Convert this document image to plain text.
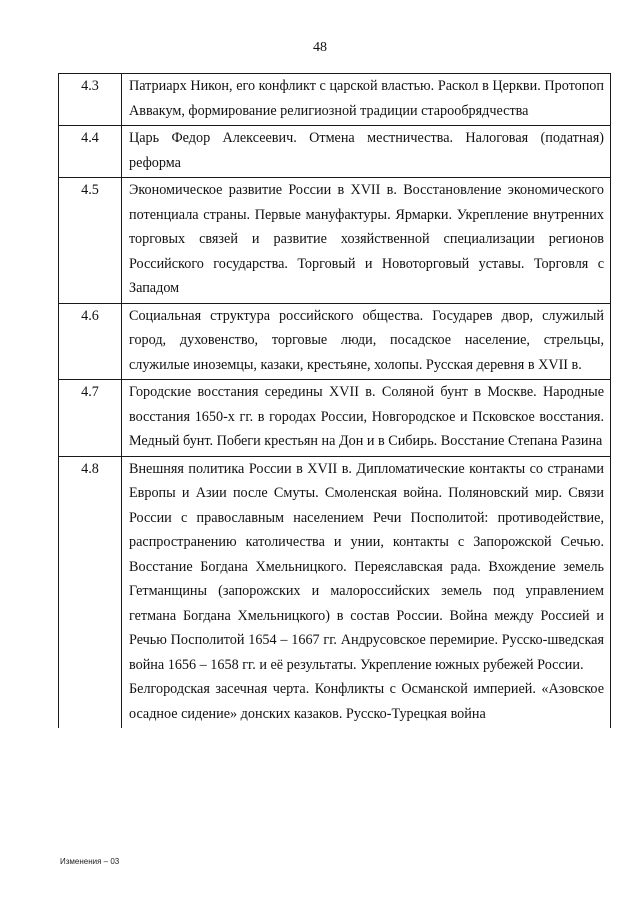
48
4.3	Патриарх Никон, его конфликт с царской властью. Раскол в Церкви. Протопоп Аввакум, формирование религиозной традиции старообрядчества

4.4	Царь Федор Алексеевич. Отмена местничества. Налоговая (податная) реформа

4.5	Экономическое развитие России в XVII в. Восстановление экономического потенциала страны. Первые мануфактуры. Ярмарки. Укрепление внутренних торговых связей и развитие хозяйственной специализации регионов Российского государства. Торговый и Новоторговый уставы. Торговля с Западом

4.6	Социальная структура российского общества. Государев двор, служилый город, духовенство, торговые люди, посадское население, стрельцы, служилые иноземцы, казаки, крестьяне, холопы. Русская деревня в XVII в.

4.7	Городские восстания середины XVII в. Соляной бунт в Москве. Народные восстания 1650-х гг. в городах России, Новгородское и Псковское восстания. Медный бунт. Побеги крестьян на Дон и в Сибирь. Восстание Степана Разина

4.8	Внешняя политика России в XVII в. Дипломатические контакты со странами Европы и Азии после Смуты. Смоленская война. Поляновский мир. Связи России с православным населением Речи Посполитой: противодействие, распространению католичества и унии, контакты с Запорожской Сечью. Восстание Богдана Хмельницкого. Переяславская рада. Вхождение земель Гетманщины (запорожских и малороссийских земель под управлением гетмана Богдана Хмельницкого) в состав России. Война между Россией и Речью Посполитой 1654 – 1667 гг. Андрусовское перемирие. Русско-шведская война 1656 – 1658 гг. и её результаты. Укрепление южных рубежей России.
Белгородская засечная черта. Конфликты с Османской империей. «Азовское осадное сидение» донских казаков. Русско-Турецкая война
Изменения – 03
